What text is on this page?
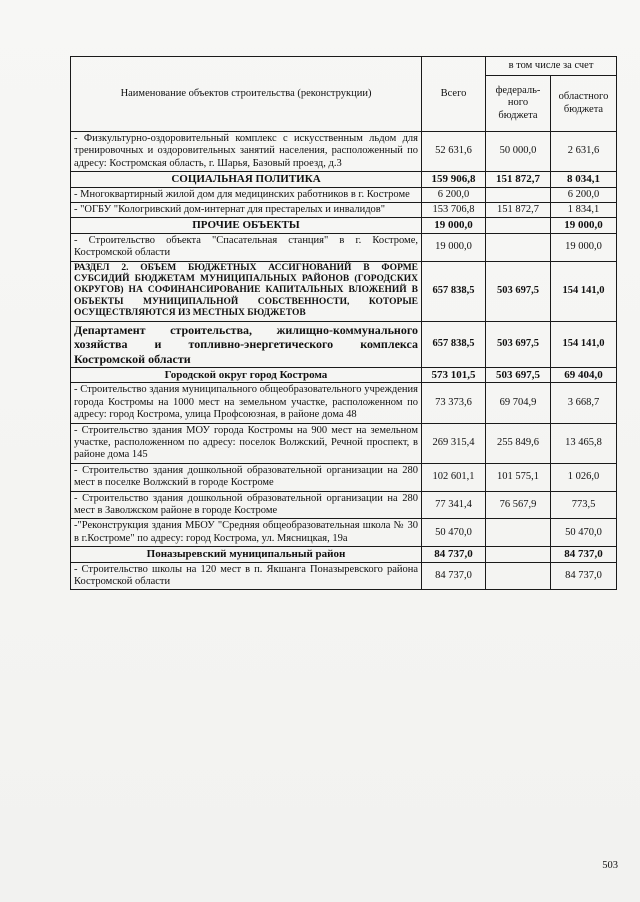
Наименование объектов строительства (реконструкции)	Всего	в том числе за счет	
		федераль-ного бюджета	областного бюджета
- Физкультурно-оздоровительный комплекс с искусственным льдом для тренировочных и оздоровительных занятий населения, расположенный по адресу: Костромская область, г. Шарья, Базовый проезд, д.3	52 631,6	50 000,0	2 631,6
СОЦИАЛЬНАЯ ПОЛИТИКА	159 906,8	151 872,7	8 034,1
- Многоквартирный жилой дом для медицинских работников в г. Костроме	6 200,0		6 200,0
- "ОГБУ "Кологривский дом-интернат для престарелых и инвалидов"	153 706,8	151 872,7	1 834,1
ПРОЧИЕ ОБЪЕКТЫ	19 000,0		19 000,0
- Строительство объекта "Спасательная станция" в г. Костроме, Костромской области	19 000,0		19 000,0
РАЗДЕЛ 2. ОБЪЕМ БЮДЖЕТНЫХ АССИГНОВАНИЙ В ФОРМЕ СУБСИДИЙ БЮДЖЕТАМ МУНИЦИПАЛЬНЫХ РАЙОНОВ (ГОРОДСКИХ ОКРУГОВ) НА СОФИНАНСИРОВАНИЕ КАПИТАЛЬНЫХ ВЛОЖЕНИЙ В ОБЪЕКТЫ МУНИЦИПАЛЬНОЙ СОБСТВЕННОСТИ, КОТОРЫЕ ОСУЩЕСТВЛЯЮТСЯ ИЗ МЕСТНЫХ БЮДЖЕТОВ	657 838,5	503 697,5	154 141,0
Департамент строительства, жилищно-коммунального хозяйства и топливно-энергетического комплекса Костромской области	657 838,5	503 697,5	154 141,0
Городской округ город Кострома	573 101,5	503 697,5	69 404,0
- Строительство здания муниципального общеобразовательного учреждения города Костромы на 1000 мест на земельном участке, расположенном по адресу: город Кострома, улица Профсоюзная, в районе дома 48	73 373,6	69 704,9	3 668,7
- Строительство здания МОУ города Костромы на 900 мест на земельном участке, расположенном по адресу: поселок Волжский, Речной проспект, в районе дома 145	269 315,4	255 849,6	13 465,8
- Строительство здания дошкольной образовательной организации на 280 мест в поселке Волжский в городе Костроме	102 601,1	101 575,1	1 026,0
- Строительство здания дошкольной образовательной организации на 280 мест в Заволжском районе в городе Костроме	77 341,4	76 567,9	773,5
-"Реконструкция здания МБОУ "Средняя общеобразовательная школа № 30 в г.Костроме" по адресу: город Кострома, ул. Мясницкая, 19а	50 470,0		50 470,0
Поназыревский муниципальный район	84 737,0		84 737,0
- Строительство школы на 120 мест в п. Якшанга Поназыревского района Костромской области	84 737,0		84 737,0
503
